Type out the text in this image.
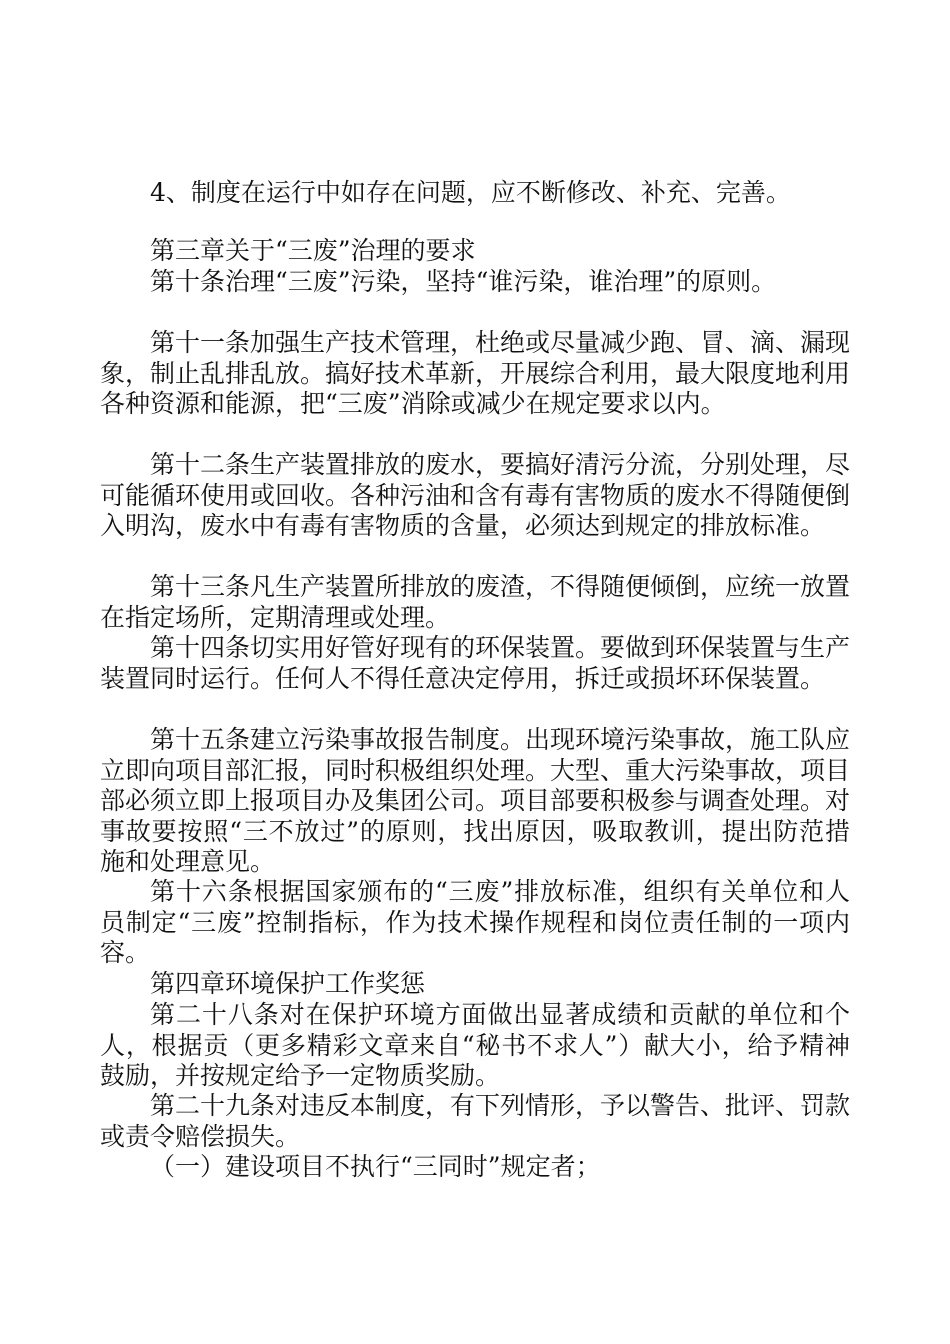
4、制度在运行中如存在问题，应不断修改、补充、完善。

第三章关于“三废”治理的要求

第十条治理“三废”污染，坚持“谁污染，谁治理”的原则。

第十一条加强生产技术管理，杜绝或尽量减少跑、冒、滴、漏现象，制止乱排乱放。搞好技术革新，开展综合利用，最大限度地利用各种资源和能源，把“三废”消除或减少在规定要求以内。

第十二条生产装置排放的废水，要搞好清污分流，分别处理，尽可能循环使用或回收。各种污油和含有毒有害物质的废水不得随便倒入明沟，废水中有毒有害物质的含量，必须达到规定的排放标准。

第十三条凡生产装置所排放的废渣，不得随便倾倒，应统一放置在指定场所，定期清理或处理。

第十四条切实用好管好现有的环保装置。要做到环保装置与生产装置同时运行。任何人不得任意决定停用，拆迁或损坏环保装置。

第十五条建立污染事故报告制度。出现环境污染事故，施工队应立即向项目部汇报，同时积极组织处理。大型、重大污染事故，项目部必须立即上报项目办及集团公司。项目部要积极参与调查处理。对事故要按照“三不放过”的原则，找出原因，吸取教训，提出防范措施和处理意见。

第十六条根据国家颁布的“三废”排放标准，组织有关单位和人员制定“三废”控制指标，作为技术操作规程和岗位责任制的一项内容。

第四章环境保护工作奖惩

第二十八条对在保护环境方面做出显著成绩和贡献的单位和个人，根据贡（更多精彩文章来自“秘书不求人”）献大小，给予精神鼓励，并按规定给予一定物质奖励。

第二十九条对违反本制度，有下列情形，予以警告、批评、罚款或责令赔偿损失。

（一）建设项目不执行“三同时”规定者；
